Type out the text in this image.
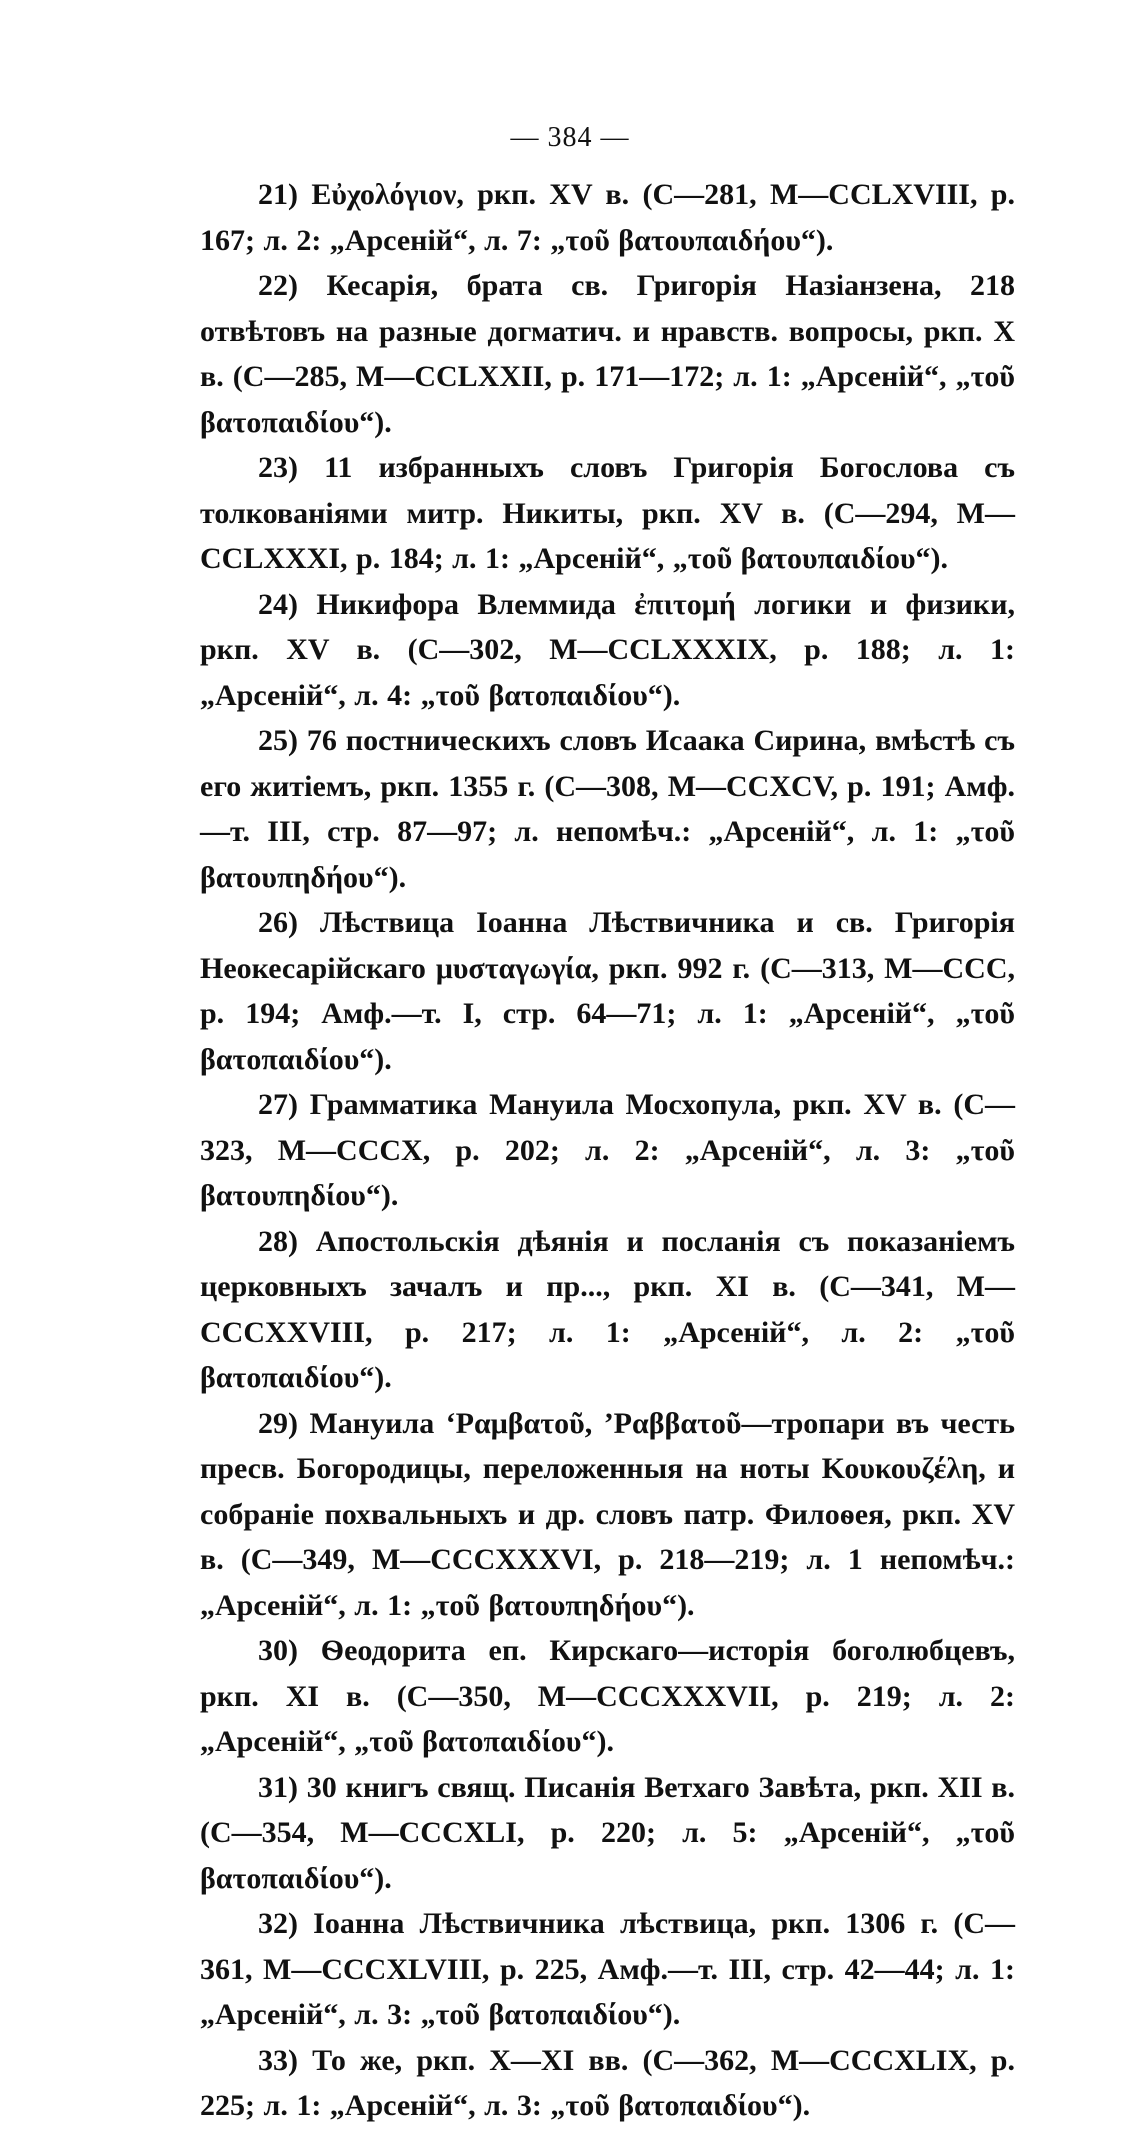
— 384 —

21) Εὐχολόγιον, ркп. XV в. (С—281, М—CCLXVIII, р. 167; л. 2: „Арсеній“, л. 7: „τοῦ βατουπαιδήου“).

22) Кесарія, брата св. Григорія Назіанзена, 218 отвѣтовъ на разные догматич. и нравств. вопросы, ркп. X в. (С—285, М—CCLXXII, р. 171—172; л. 1: „Арсеній“, „τοῦ βατοπαιδίου“).

23) 11 избранныхъ словъ Григорія Богослова съ толкованіями митр. Никиты, ркп. XV в. (С—294, М—CCLXXXI, р. 184; л. 1: „Арсеній“, „τοῦ βατουπαιδίου“).

24) Никифора Влеммида ἐπιτομή логики и физики, ркп. XV в. (С—302, М—CCLXXXIX, р. 188; л. 1: „Арсеній“, л. 4: „τοῦ βατοπαιδίου“).

25) 76 постническихъ словъ Исаака Сирина, вмѣстѣ съ его житіемъ, ркп. 1355 г. (С—308, М—CCXCV, р. 191; Амф.—т. III, стр. 87—97; л. непомѣч.: „Арсеній“, л. 1: „τοῦ βατουπηδήου“).

26) Лѣствица Іоанна Лѣствичника и св. Григорія Неокесарійскаго μυσταγωγία, ркп. 992 г. (С—313, М—CCC, р. 194; Амф.—т. I, стр. 64—71; л. 1: „Арсеній“, „τοῦ βατοπαιδίου“).

27) Грамматика Мануила Мосхопула, ркп. XV в. (С—323, М—CCCX, р. 202; л. 2: „Арсеній“, л. 3: „τοῦ βατουπηδίου“).

28) Апостольскія дѣянія и посланія съ показаніемъ церковныхъ зачалъ и пр..., ркп. XI в. (С—341, М—CCCXXVIII, р. 217; л. 1: „Арсеній“, л. 2: „τοῦ βατοπαιδίου“).

29) Мануила ‘Ραμβατοῦ, ’Ραββατοῦ—тропари въ честь пресв. Богородицы, переложенныя на ноты Κουκουζέλη, и собраніе похвальныхъ и др. словъ патр. Филоѳея, ркп. XV в. (С—349, М—CCCXXXVI, р. 218—219; л. 1 непомѣч.: „Арсеній“, л. 1: „τοῦ βατουπηδήου“).

30) Ѳеодорита еп. Кирскаго—исторія боголюбцевъ, ркп. XI в. (С—350, М—CCCXXXVII, р. 219; л. 2: „Арсеній“, „τοῦ βατοπαιδίου“).

31) 30 книгъ свящ. Писанія Ветхаго Завѣта, ркп. XII в. (С—354, М—CCCXLI, р. 220; л. 5: „Арсеній“, „τοῦ βατοπαιδίου“).

32) Іоанна Лѣствичника лѣствица, ркп. 1306 г. (С—361, М—CCCXLVIII, р. 225, Амф.—т. III, стр. 42—44; л. 1: „Арсеній“, л. 3: „τοῦ βατοπαιδίου“).

33) То же, ркп. X—XI вв. (С—362, М—CCCXLIX, р. 225; л. 1: „Арсеній“, л. 3: „τοῦ βατοπαιδίου“).
